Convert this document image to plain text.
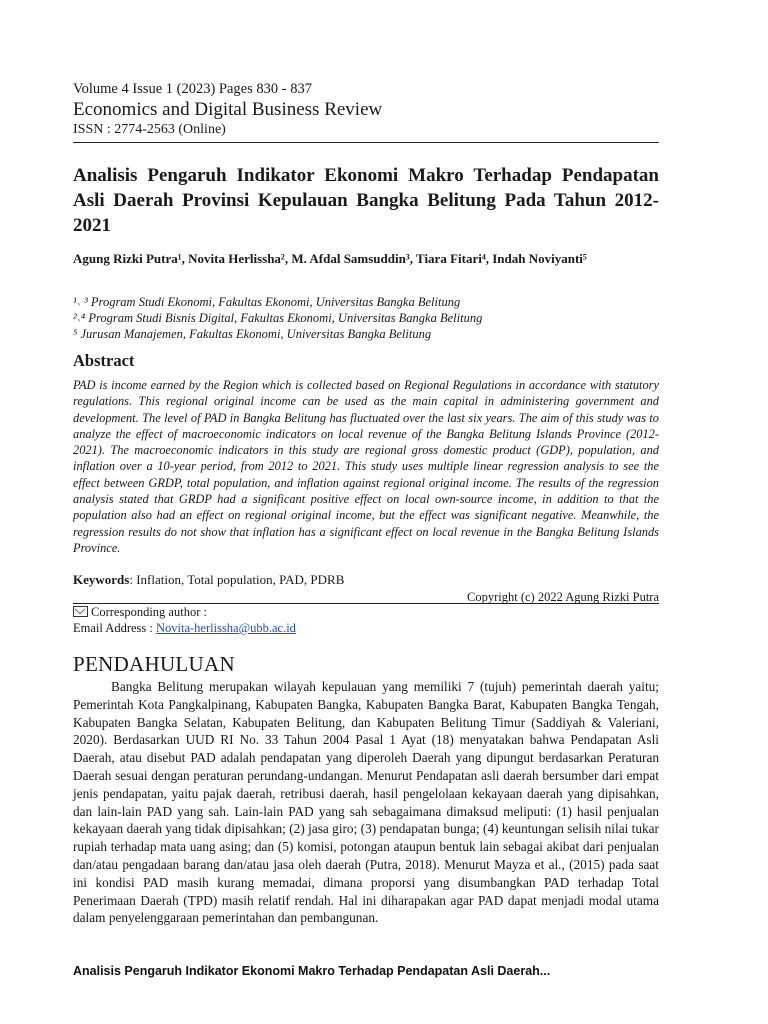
Volume 4 Issue 1 (2023) Pages 830 - 837
Economics and Digital Business Review
ISSN : 2774-2563 (Online)
Analisis Pengaruh Indikator Ekonomi Makro Terhadap Pendapatan Asli Daerah Provinsi Kepulauan Bangka Belitung Pada Tahun 2012-2021
Agung Rizki Putra¹, Novita Herlissha², M. Afdal Samsuddin³, Tiara Fitari⁴, Indah Noviyanti⁵
¹˒ ³ Program Studi Ekonomi, Fakultas Ekonomi, Universitas Bangka Belitung
²˒⁴ Program Studi Bisnis Digital, Fakultas Ekonomi, Universitas Bangka Belitung
⁵ Jurusan Manajemen, Fakultas Ekonomi, Universitas Bangka Belitung
Abstract

PAD is income earned by the Region which is collected based on Regional Regulations in accordance with statutory regulations. This regional original income can be used as the main capital in administering government and development. The level of PAD in Bangka Belitung has fluctuated over the last six years. The aim of this study was to analyze the effect of macroeconomic indicators on local revenue of the Bangka Belitung Islands Province (2012-2021). The macroeconomic indicators in this study are regional gross domestic product (GDP), population, and inflation over a 10-year period, from 2012 to 2021. This study uses multiple linear regression analysis to see the effect between GRDP, total population, and inflation against regional original income. The results of the regression analysis stated that GRDP had a significant positive effect on local own-source income, in addition to that the population also had an effect on regional original income, but the effect was significant negative. Meanwhile, the regression results do not show that inflation has a significant effect on local revenue in the Bangka Belitung Islands Province.

Keywords: Inflation, Total population, PAD, PDRB
Copyright (c) 2022 Agung Rizki Putra
Corresponding author :
Email Address : Novita-herlissha@ubb.ac.id
PENDAHULUAN

Bangka Belitung merupakan wilayah kepulauan yang memiliki 7 (tujuh) pemerintah daerah yaitu; Pemerintah Kota Pangkalpinang, Kabupaten Bangka, Kabupaten Bangka Barat, Kabupaten Bangka Tengah, Kabupaten Bangka Selatan, Kabupaten Belitung, dan Kabupaten Belitung Timur (Saddiyah & Valeriani, 2020). Berdasarkan UUD RI No. 33 Tahun 2004 Pasal 1 Ayat (18) menyatakan bahwa Pendapatan Asli Daerah, atau disebut PAD adalah pendapatan yang diperoleh Daerah yang dipungut berdasarkan Peraturan Daerah sesuai dengan peraturan perundang-undangan. Menurut Pendapatan asli daerah bersumber dari empat jenis pendapatan, yaitu pajak daerah, retribusi daerah, hasil pengelolaan kekayaan daerah yang dipisahkan, dan lain-lain PAD yang sah. Lain-lain PAD yang sah sebagaimana dimaksud meliputi: (1) hasil penjualan kekayaan daerah yang tidak dipisahkan; (2) jasa giro; (3) pendapatan bunga; (4) keuntungan selisih nilai tukar rupiah terhadap mata uang asing; dan (5) komisi, potongan ataupun bentuk lain sebagai akibat dari penjualan dan/atau pengadaan barang dan/atau jasa oleh daerah (Putra, 2018). Menurut Mayza et al., (2015) pada saat ini kondisi PAD masih kurang memadai, dimana proporsi yang disumbangkan PAD terhadap Total Penerimaan Daerah (TPD) masih relatif rendah. Hal ini diharapakan agar PAD dapat menjadi modal utama dalam penyelenggaraan pemerintahan dan pembangunan.

Analisis Pengaruh Indikator Ekonomi Makro Terhadap Pendapatan Asli Daerah...
